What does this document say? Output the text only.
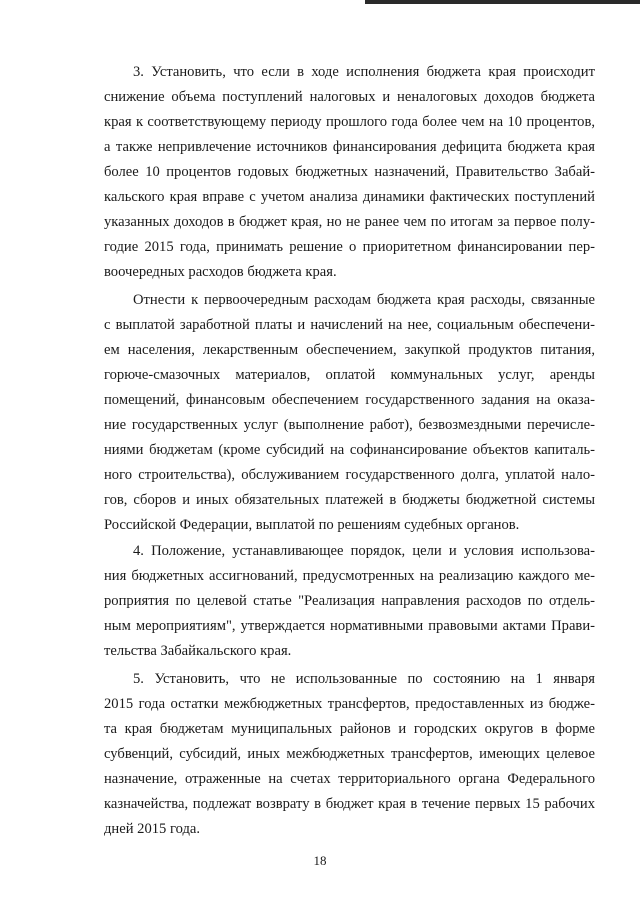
3. Установить, что если в ходе исполнения бюджета края происходит
снижение объема поступлений налоговых и неналоговых доходов бюджета
края к соответствующему периоду прошлого года более чем на 10 процентов,
а также непривлечение источников финансирования дефицита бюджета края
более 10 процентов годовых бюджетных назначений, Правительство Забай-
кальского края вправе с учетом анализа динамики фактических поступлений
указанных доходов в бюджет края, но не ранее чем по итогам за первое полу-
годие 2015 года, принимать решение о приоритетном финансировании пер-
воочередных расходов бюджета края.
Отнести к первоочередным расходам бюджета края расходы, связанные
с выплатой заработной платы и начислений на нее, социальным обеспечени-
ем населения, лекарственным обеспечением, закупкой продуктов питания,
горюче-смазочных материалов, оплатой коммунальных услуг, аренды
помещений, финансовым обеспечением государственного задания на оказа-
ние государственных услуг (выполнение работ), безвозмездными перечисле-
ниями бюджетам (кроме субсидий на софинансирование объектов капиталь-
ного строительства), обслуживанием государственного долга, уплатой нало-
гов, сборов и иных обязательных платежей в бюджеты бюджетной системы
Российской Федерации, выплатой по решениям судебных органов.
4. Положение, устанавливающее порядок, цели и условия использова-
ния бюджетных ассигнований, предусмотренных на реализацию каждого ме-
роприятия по целевой статье "Реализация направления расходов по отдель-
ным мероприятиям", утверждается нормативными правовыми актами Прави-
тельства Забайкальского края.
5. Установить, что не использованные по состоянию на 1 января
2015 года остатки межбюджетных трансфертов, предоставленных из бюдже-
та края бюджетам муниципальных районов и городских округов в форме
субвенций, субсидий, иных межбюджетных трансфертов, имеющих целевое
назначение, отраженные на счетах территориального органа Федерального
казначейства, подлежат возврату в бюджет края в течение первых 15 рабочих
дней 2015 года.
18
